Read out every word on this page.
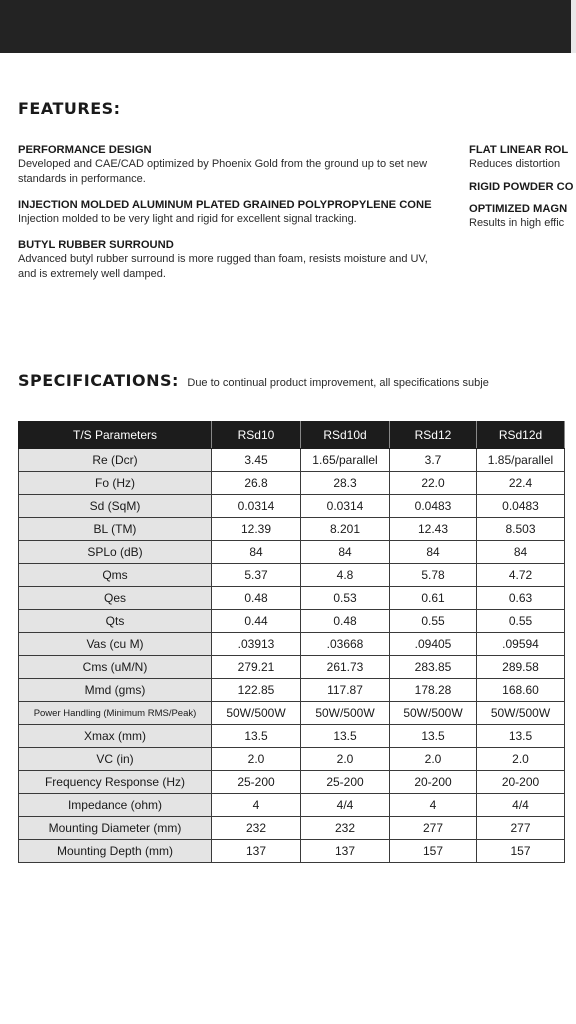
FEATURES:

PERFORMANCE DESIGN

Developed and CAE/CAD optimized by Phoenix Gold from the ground up to set new standards in performance.

INJECTION MOLDED ALUMINUM PLATED GRAINED POLYPROPYLENE CONE

Injection molded to be very light and rigid for excellent signal tracking.

BUTYL RUBBER SURROUND

Advanced butyl rubber surround is more rugged than foam, resists moisture and UV, and is extremely well damped.

FLAT LINEAR ROL

Reduces distortion

RIGID POWDER CO

OPTIMIZED MAGN

Results in high effic

SPECIFICATIONS: Due to continual product improvement, all specifications subje
T/S Parameters	RSd10	RSd10d	RSd12	RSd12d
Re (Dcr)	3.45	1.65/parallel	3.7	1.85/parallel
Fo (Hz)	26.8	28.3	22.0	22.4
Sd (SqM)	0.0314	0.0314	0.0483	0.0483
BL (TM)	12.39	8.201	12.43	8.503
SPLo (dB)	84	84	84	84
Qms	5.37	4.8	5.78	4.72
Qes	0.48	0.53	0.61	0.63
Qts	0.44	0.48	0.55	0.55
Vas (cu M)	.03913	.03668	.09405	.09594
Cms (uM/N)	279.21	261.73	283.85	289.58
Mmd (gms)	122.85	117.87	178.28	168.60
Power Handling (Minimum RMS/Peak)	50W/500W	50W/500W	50W/500W	50W/500W
Xmax (mm)	13.5	13.5	13.5	13.5
VC (in)	2.0	2.0	2.0	2.0
Frequency Response (Hz)	25-200	25-200	20-200	20-200
Impedance (ohm)	4	4/4	4	4/4
Mounting Diameter (mm)	232	232	277	277
Mounting Depth (mm)	137	137	157	157
